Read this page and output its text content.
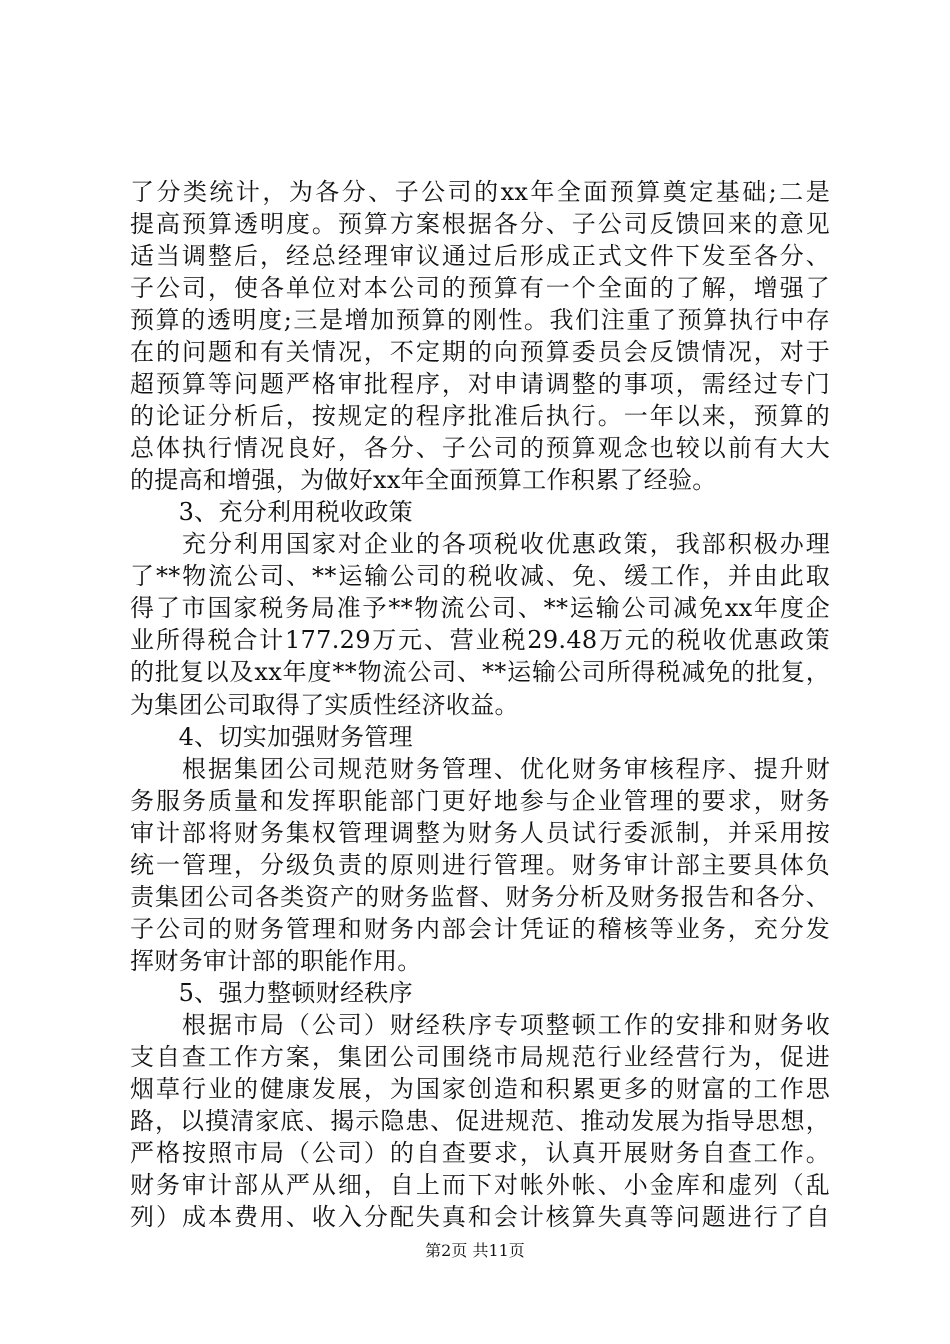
了分类统计，为各分、子公司的xx年全面预算奠定基础;二是
提高预算透明度。预算方案根据各分、子公司反馈回来的意见
适当调整后，经总经理审议通过后形成正式文件下发至各分、
子公司，使各单位对本公司的预算有一个全面的了解，增强了
预算的透明度;三是增加预算的刚性。我们注重了预算执行中存
在的问题和有关情况，不定期的向预算委员会反馈情况，对于
超预算等问题严格审批程序，对申请调整的事项，需经过专门
的论证分析后，按规定的程序批准后执行。一年以来，预算的
总体执行情况良好，各分、子公司的预算观念也较以前有大大
的提高和增强，为做好xx年全面预算工作积累了经验。
　　3、充分利用税收政策
　　充分利用国家对企业的各项税收优惠政策，我部积极办理
了**物流公司、**运输公司的税收减、免、缓工作，并由此取
得了市国家税务局准予**物流公司、**运输公司减免xx年度企
业所得税合计177.29万元、营业税29.48万元的税收优惠政策
的批复以及xx年度**物流公司、**运输公司所得税减免的批复，
为集团公司取得了实质性经济收益。
　　4、切实加强财务管理
　　根据集团公司规范财务管理、优化财务审核程序、提升财
务服务质量和发挥职能部门更好地参与企业管理的要求，财务
审计部将财务集权管理调整为财务人员试行委派制，并采用按
统一管理，分级负责的原则进行管理。财务审计部主要具体负
责集团公司各类资产的财务监督、财务分析及财务报告和各分、
子公司的财务管理和财务内部会计凭证的稽核等业务，充分发
挥财务审计部的职能作用。
　　5、强力整顿财经秩序
　　根据市局（公司）财经秩序专项整顿工作的安排和财务收
支自查工作方案，集团公司围绕市局规范行业经营行为，促进
烟草行业的健康发展，为国家创造和积累更多的财富的工作思
路，以摸清家底、揭示隐患、促进规范、推动发展为指导思想，
严格按照市局（公司）的自查要求，认真开展财务自查工作。
财务审计部从严从细，自上而下对帐外帐、小金库和虚列（乱
第2页 共11页
列）成本费用、收入分配失真和会计核算失真等问题进行了自
